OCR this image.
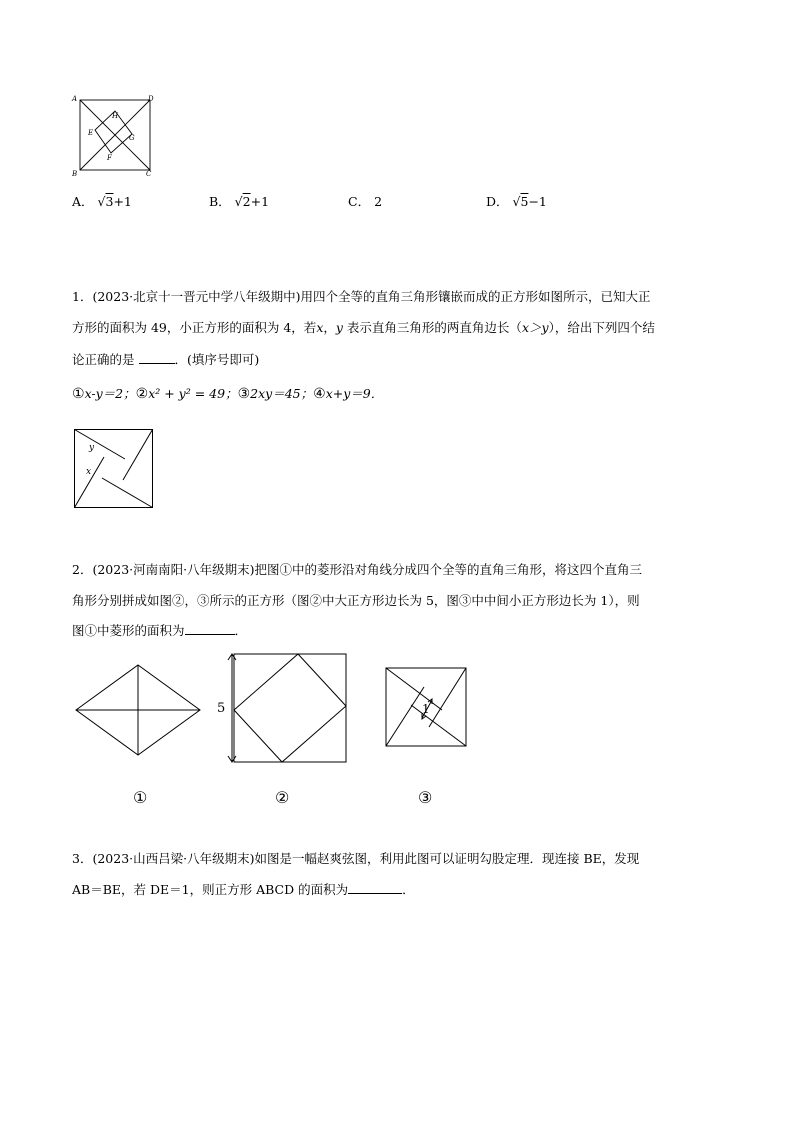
A	D
H
E
G
F
B	C
A． √3+1	B． √2+1	C． 2	D． √5−1
1．(2023·北京十一晋元中学八年级期中)用四个全等的直角三角形镶嵌而成的正方形如图所示，已知大正
方形的面积为 49，小正方形的面积为 4，若x，y 表示直角三角形的两直角边长（x＞y），给出下列四个结
论正确的是	．(填序号即可)
①x-y＝2；②x² + y² = 49；③2xy＝45；④x+y＝9．
y
x
2．(2023·河南南阳·八年级期末)把图①中的菱形沿对角线分成四个全等的直角三角形，将这四个直角三
角形分别拼成如图②，③所示的正方形（图②中大正方形边长为 5，图③中中间小正方形边长为 1），则
图①中菱形的面积为	．
5	1
①	②	③
3．(2023·山西吕梁·八年级期末)如图是一幅赵爽弦图，利用此图可以证明勾股定理．现连接 BE，发现
AB＝BE，若 DE＝1，则正方形 ABCD 的面积为	．
